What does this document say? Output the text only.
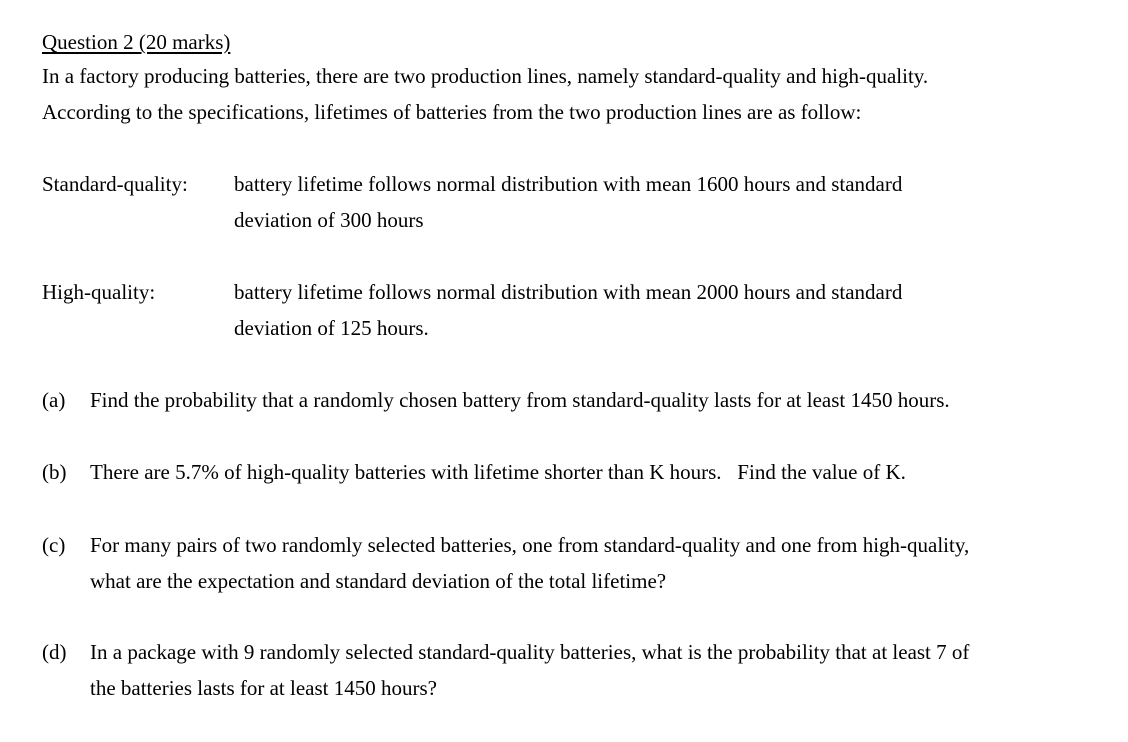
Question 2 (20 marks)
In a factory producing batteries, there are two production lines, namely standard-quality and high-quality.
According to the specifications, lifetimes of batteries from the two production lines are as follow:
Standard-quality: battery lifetime follows normal distribution with mean 1600 hours and standard
deviation of 300 hours
High-quality:	battery lifetime follows normal distribution with mean 2000 hours and standard
deviation of 125 hours.
(a) Find the probability that a randomly chosen battery from standard-quality lasts for at least 1450 hours.
(b) There are 5.7% of high-quality batteries with lifetime shorter than K hours.   Find the value of K.
(c) For many pairs of two randomly selected batteries, one from standard-quality and one from high-quality,
what are the expectation and standard deviation of the total lifetime?
(d) In a package with 9 randomly selected standard-quality batteries, what is the probability that at least 7 of
the batteries lasts for at least 1450 hours?
